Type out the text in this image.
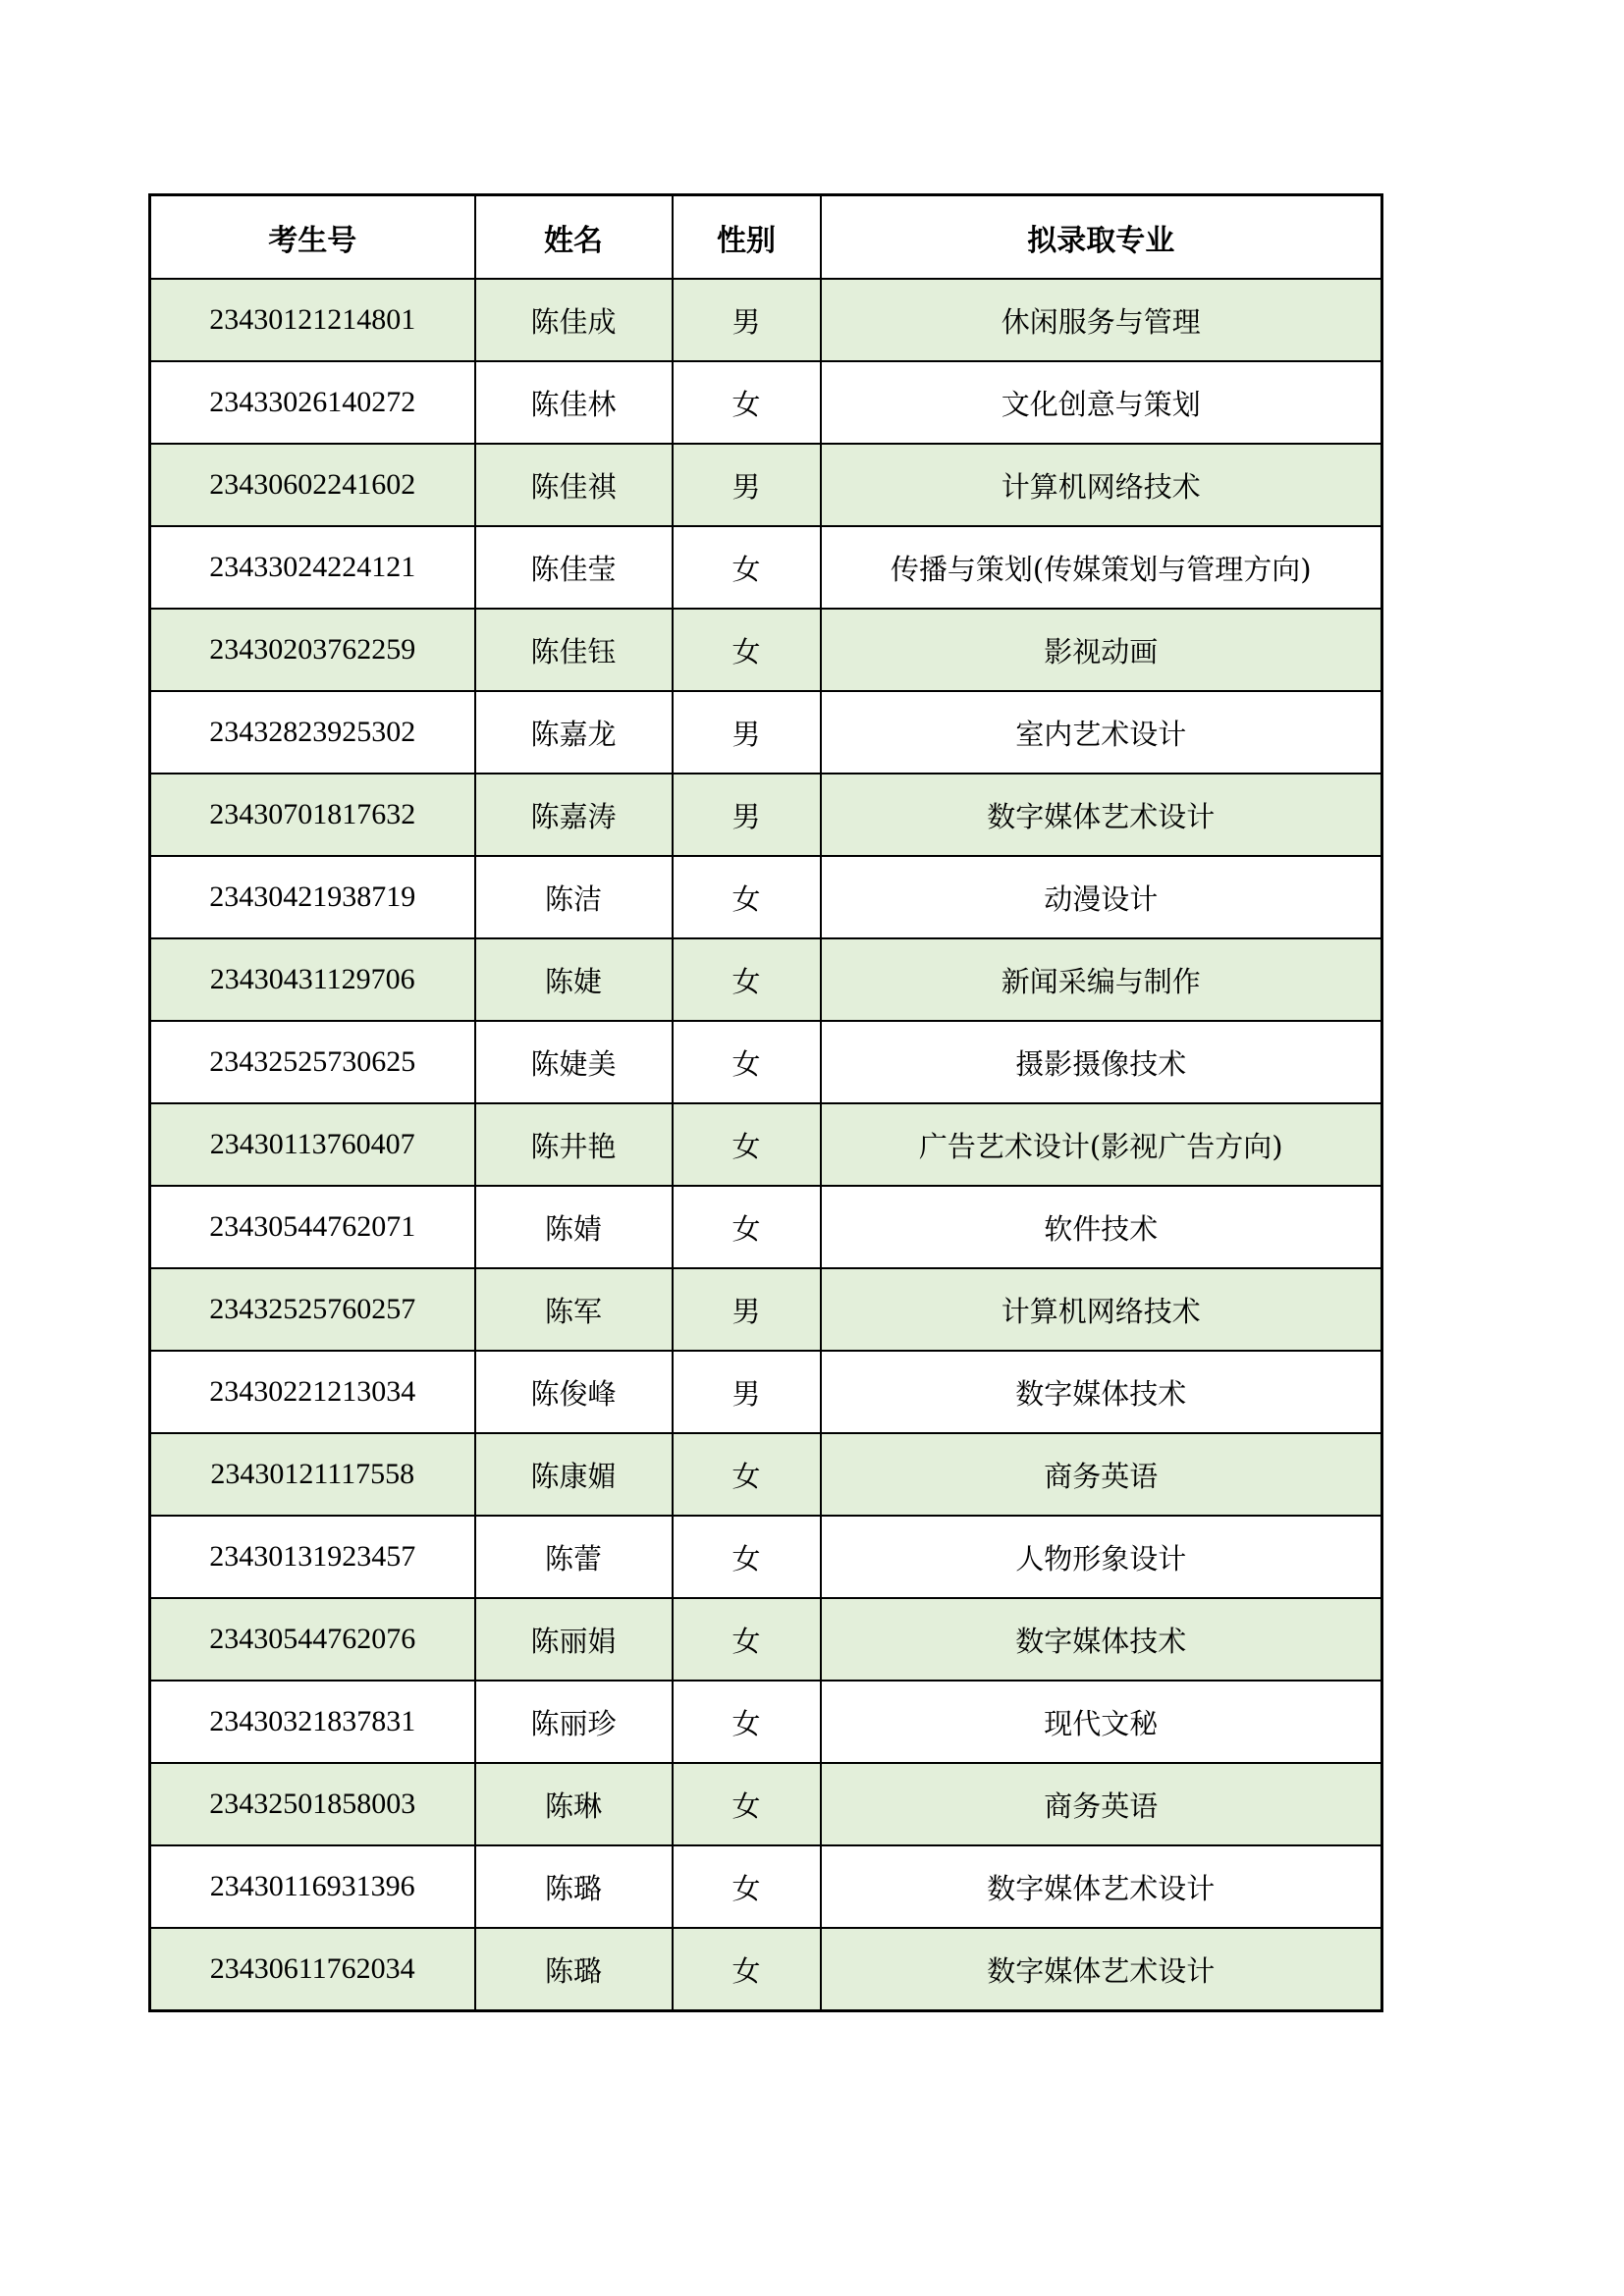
考生号	姓名	性别	拟录取专业
23430121214801	陈佳成	男	休闲服务与管理
23433026140272	陈佳林	女	文化创意与策划
23430602241602	陈佳祺	男	计算机网络技术
23433024224121	陈佳莹	女	传播与策划(传媒策划与管理方向)
23430203762259	陈佳钰	女	影视动画
23432823925302	陈嘉龙	男	室内艺术设计
23430701817632	陈嘉涛	男	数字媒体艺术设计
23430421938719	陈洁	女	动漫设计
23430431129706	陈婕	女	新闻采编与制作
23432525730625	陈婕美	女	摄影摄像技术
23430113760407	陈井艳	女	广告艺术设计(影视广告方向)
23430544762071	陈婧	女	软件技术
23432525760257	陈军	男	计算机网络技术
23430221213034	陈俊峰	男	数字媒体技术
23430121117558	陈康媚	女	商务英语
23430131923457	陈蕾	女	人物形象设计
23430544762076	陈丽娟	女	数字媒体技术
23430321837831	陈丽珍	女	现代文秘
23432501858003	陈琳	女	商务英语
23430116931396	陈璐	女	数字媒体艺术设计
23430611762034	陈璐	女	数字媒体艺术设计
